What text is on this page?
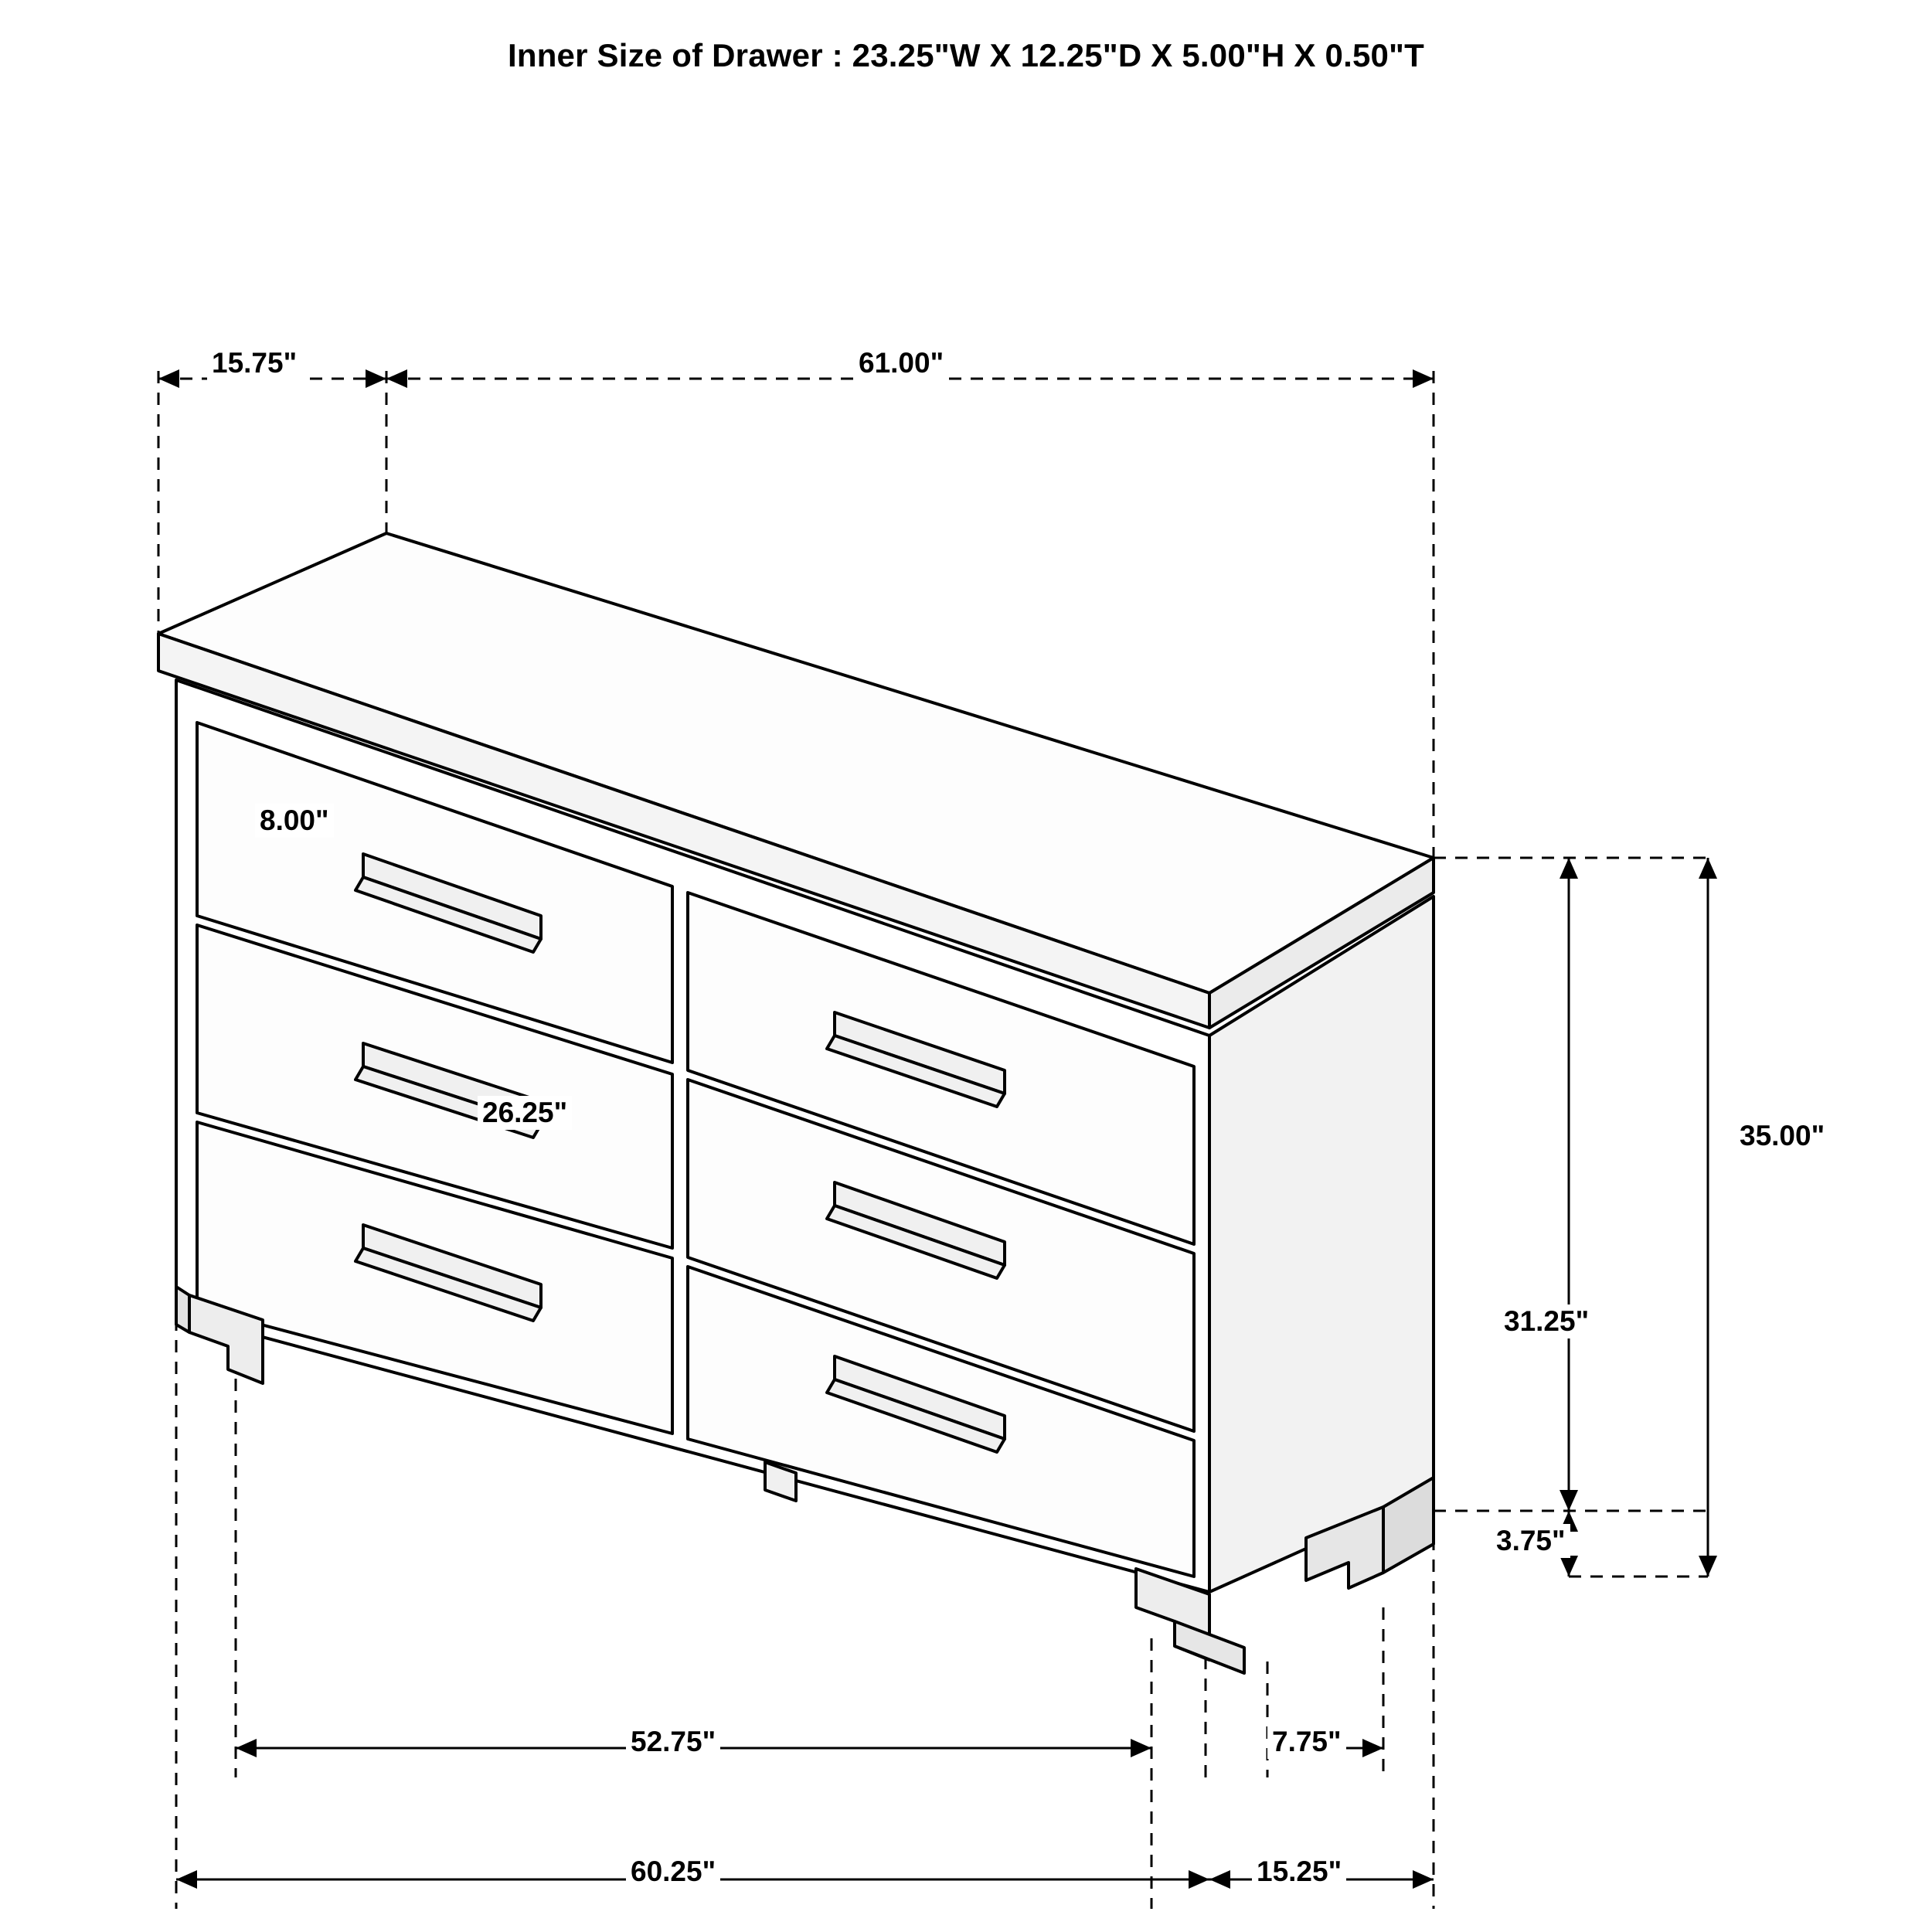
Inner Size of Drawer : 23.25"W X 12.25"D X 5.00"H X 0.50"T
15.75"	61.00"
8.00"
26.25"
35.00"
31.25"
3.75"
52.75"	7.75"
60.25"	15.25"
